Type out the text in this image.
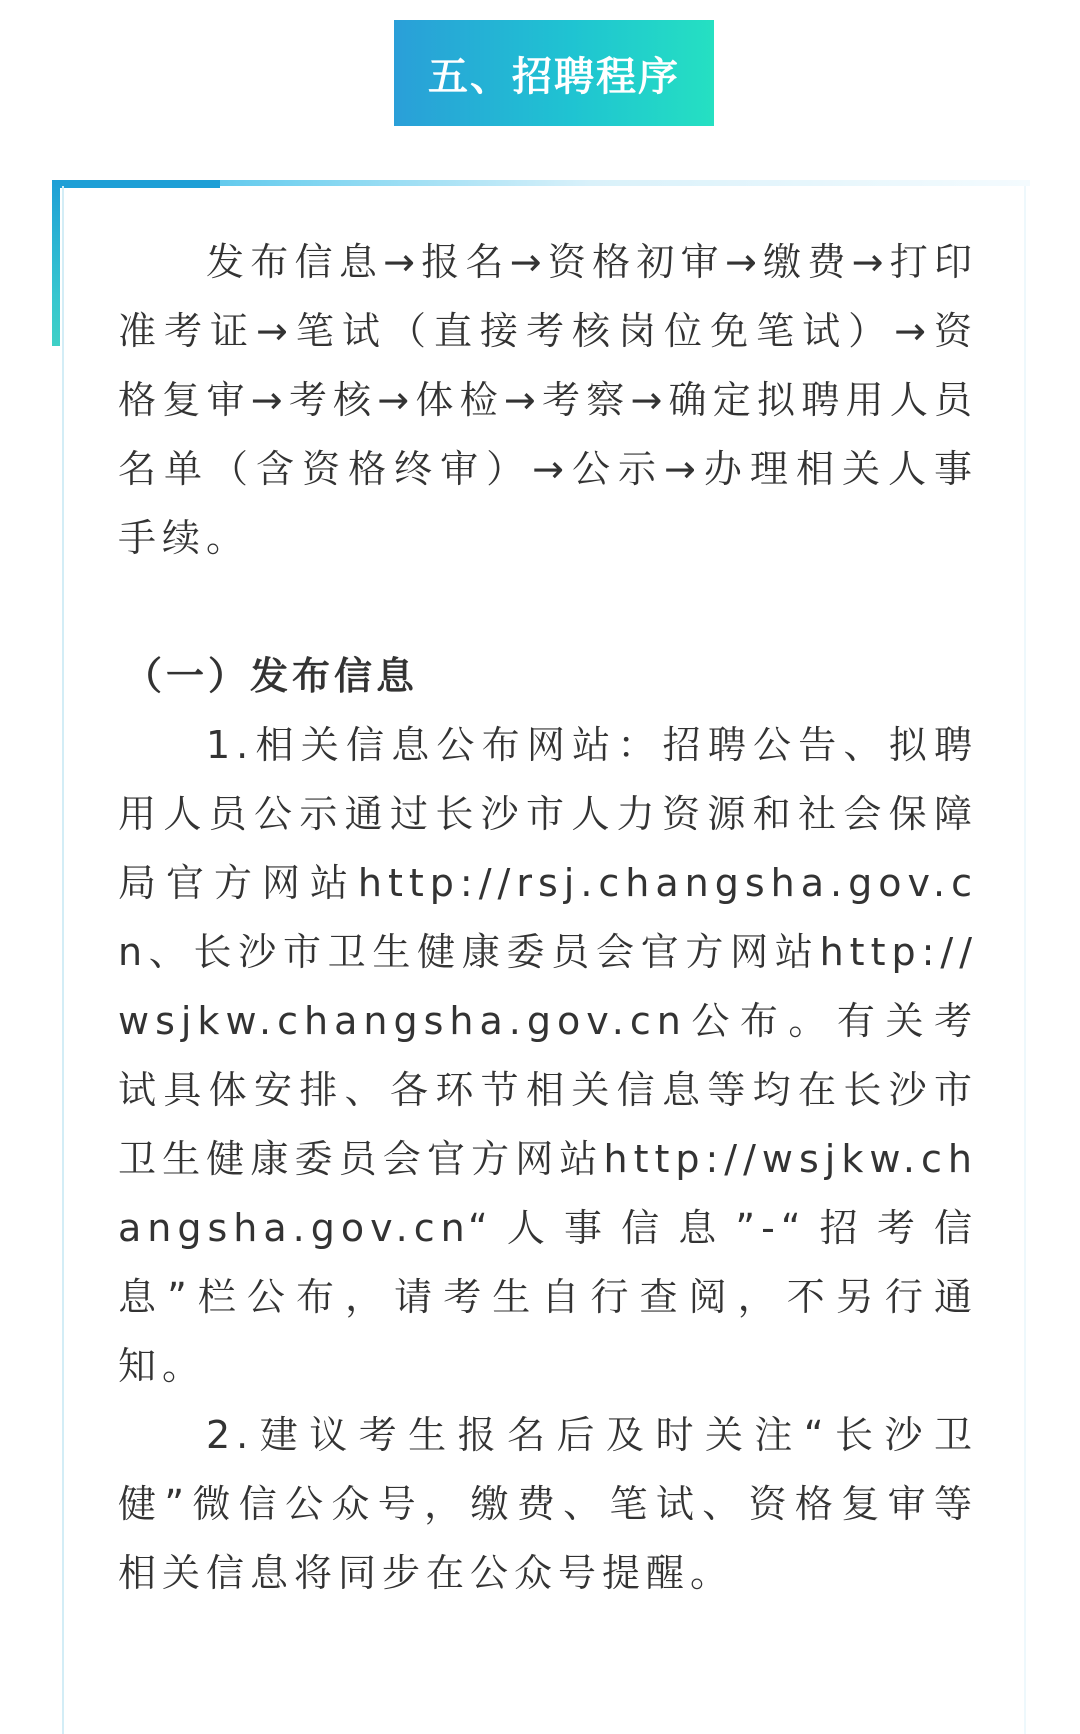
五、招聘程序

发布信息→报名→资格初审→缴费→打印准考证→笔试（直接考核岗位免笔试）→资格复审→考核→体检→考察→确定拟聘用人员名单（含资格终审）→公示→办理相关人事手续。

（一）发布信息

1.相关信息公布网站：招聘公告、拟聘用人员公示通过长沙市人力资源和社会保障局官方网站http://rsj.changsha.gov.cn、长沙市卫生健康委员会官方网站http://wsjkw.changsha.gov.cn公布。有关考试具体安排、各环节相关信息等均在长沙市卫生健康委员会官方网站http://wsjkw.changsha.gov.cn“人事信息”-“招考信息”栏公布，请考生自行查阅，不另行通知。

2.建议考生报名后及时关注“长沙卫健”微信公众号，缴费、笔试、资格复审等相关信息将同步在公众号提醒。
